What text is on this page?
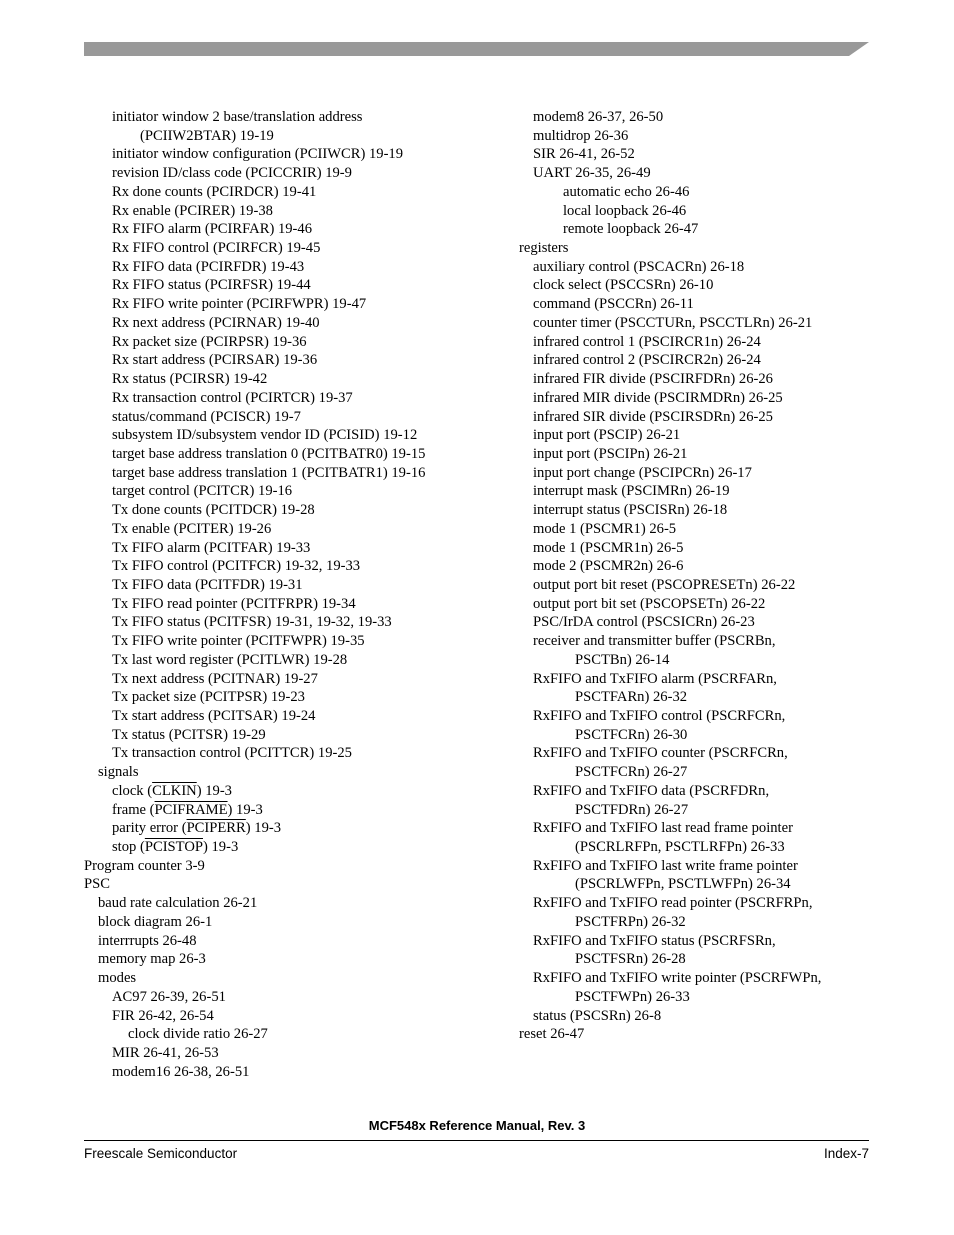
initiator window 2 base/translation address
(PCIIW2BTAR) 19-19
initiator window configuration (PCIIWCR) 19-19
revision ID/class code (PCICCRIR) 19-9
Rx done counts (PCIRDCR) 19-41
Rx enable (PCIRER) 19-38
Rx FIFO alarm (PCIRFAR) 19-46
Rx FIFO control (PCIRFCR) 19-45
Rx FIFO data (PCIRFDR) 19-43
Rx FIFO status (PCIRFSR) 19-44
Rx FIFO write pointer (PCIRFWPR) 19-47
Rx next address (PCIRNAR) 19-40
Rx packet size (PCIRPSR) 19-36
Rx start address (PCIRSAR) 19-36
Rx status (PCIRSR) 19-42
Rx transaction control (PCIRTCR) 19-37
status/command (PCISCR) 19-7
subsystem ID/subsystem vendor ID (PCISID) 19-12
target base address translation 0 (PCITBATR0) 19-15
target base address translation 1 (PCITBATR1) 19-16
target control (PCITCR) 19-16
Tx done counts (PCITDCR) 19-28
Tx enable (PCITER) 19-26
Tx FIFO alarm (PCITFAR) 19-33
Tx FIFO control (PCITFCR) 19-32, 19-33
Tx FIFO data (PCITFDR) 19-31
Tx FIFO read pointer (PCITFRPR) 19-34
Tx FIFO status (PCITFSR) 19-31, 19-32, 19-33
Tx FIFO write pointer (PCITFWPR) 19-35
Tx last word register (PCITLWR) 19-28
Tx next address (PCITNAR) 19-27
Tx packet size (PCITPSR) 19-23
Tx start address (PCITSAR) 19-24
Tx status (PCITSR) 19-29
Tx transaction control (PCITTCR) 19-25
signals
clock (CLKIN) 19-3
frame (PCIFRAME) 19-3
parity error (PCIPERR) 19-3
stop (PCISTOP) 19-3
Program counter 3-9
PSC
baud rate calculation 26-21
block diagram 26-1
interrrupts 26-48
memory map 26-3
modes
AC97 26-39, 26-51
FIR 26-42, 26-54
clock divide ratio 26-27
MIR 26-41, 26-53
modem16 26-38, 26-51
modem8 26-37, 26-50
multidrop 26-36
SIR 26-41, 26-52
UART 26-35, 26-49
automatic echo 26-46
local loopback 26-46
remote loopback 26-47
registers
auxiliary control (PSCACRn) 26-18
clock select (PSCCSRn) 26-10
command (PSCCRn) 26-11
counter timer (PSCCTURn, PSCCTLRn) 26-21
infrared control 1 (PSCIRCR1n) 26-24
infrared control 2 (PSCIRCR2n) 26-24
infrared FIR divide (PSCIRFDRn) 26-26
infrared MIR divide (PSCIRMDRn) 26-25
infrared SIR divide (PSCIRSDRn) 26-25
input port (PSCIP) 26-21
input port (PSCIPn) 26-21
input port change (PSCIPCRn) 26-17
interrupt mask (PSCIMRn) 26-19
interrupt status (PSCISRn) 26-18
mode 1 (PSCMR1) 26-5
mode 1 (PSCMR1n) 26-5
mode 2 (PSCMR2n) 26-6
output port bit reset (PSCOPRESETn) 26-22
output port bit set (PSCOPSETn) 26-22
PSC/IrDA control (PSCSICRn) 26-23
receiver and transmitter buffer (PSCRBn,
PSCTBn) 26-14
RxFIFO and TxFIFO alarm (PSCRFARn,
PSCTFARn) 26-32
RxFIFO and TxFIFO control (PSCRFCRn,
PSCTFCRn) 26-30
RxFIFO and TxFIFO counter (PSCRFCRn,
PSCTFCRn) 26-27
RxFIFO and TxFIFO data (PSCRFDRn,
PSCTFDRn) 26-27
RxFIFO and TxFIFO last read frame pointer
(PSCRLRFPn, PSCTLRFPn) 26-33
RxFIFO and TxFIFO last write frame pointer
(PSCRLWFPn, PSCTLWFPn) 26-34
RxFIFO and TxFIFO read pointer (PSCRFRPn,
PSCTFRPn) 26-32
RxFIFO and TxFIFO status (PSCRFSRn,
PSCTFSRn) 26-28
RxFIFO and TxFIFO write pointer (PSCRFWPn,
PSCTFWPn) 26-33
status (PSCSRn) 26-8
reset 26-47
MCF548x Reference Manual, Rev. 3
Freescale Semiconductor	Index-7
